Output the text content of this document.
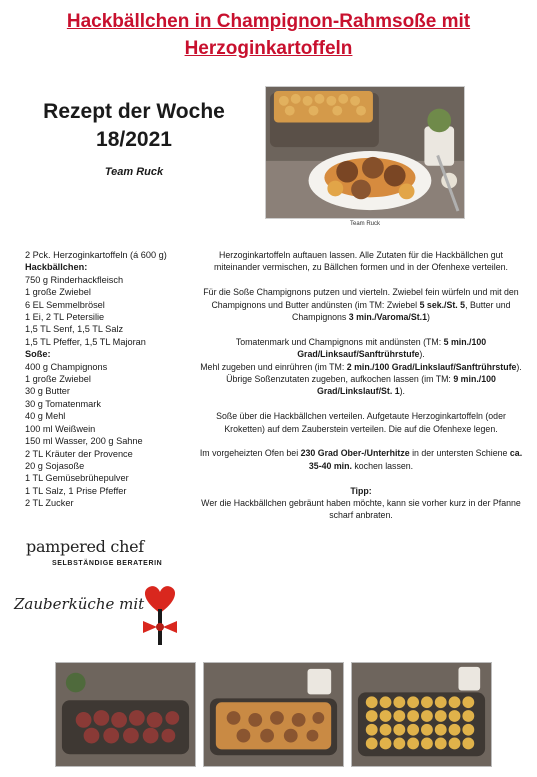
Hackbällchen in Champignon-Rahmsoße mit
Herzoginkartoffeln
Rezept der Woche
18/2021
Team Ruck
Team Ruck
2 Pck. Herzoginkartoffeln (á 600 g)
Hackbällchen:
750 g Rinderhackfleisch
1 große Zwiebel
6 EL Semmelbrösel
1 Ei, 2 TL Petersilie
1,5 TL Senf, 1,5 TL Salz
1,5 TL Pfeffer, 1,5 TL Majoran
Soße:
400 g Champignons
1 große Zwiebel
30 g Butter
30 g Tomatenmark
40 g Mehl
100 ml Weißwein
150 ml Wasser, 200 g Sahne
2 TL Kräuter der Provence
20 g Sojasoße
1 TL Gemüsebrühepulver
1 TL Salz, 1 Prise Pfeffer
2 TL Zucker

Herzoginkartoffeln auftauen lassen. Alle Zutaten für die Hackbällchen gut miteinander vermischen, zu Bällchen formen und in der Ofenhexe verteilen.

Für die Soße Champignons putzen und vierteln. Zwiebel fein würfeln und mit den Champignons und Butter andünsten (im TM: Zwiebel 5 sek./St. 5, Butter und Champignons 3 min./Varoma/St.1)

Tomatenmark und Champignons mit andünsten (TM: 5 min./100 Grad/Linksauf/Sanftrührstufe).
Mehl zugeben und einrühren (im TM: 2 min./100 Grad/Linkslauf/Sanftrührstufe).
Übrige Soßenzutaten zugeben, aufkochen lassen (im TM: 9 min./100 Grad/Linkslauf/St. 1).

Soße über die Hackbällchen verteilen. Aufgetaute Herzoginkartoffeln (oder Kroketten) auf dem Zauberstein verteilen. Die auf die Ofenhexe legen.

Im vorgeheizten Ofen bei 230 Grad Ober-/Unterhitze in der untersten Schiene ca. 35-40 min. kochen lassen.

Tipp:
Wer die Hackbällchen gebräunt haben möchte, kann sie vorher kurz in der Pfanne scharf anbraten.

pampered chef
SELBSTÄNDIGE BERATERIN
Zauberküche mit
